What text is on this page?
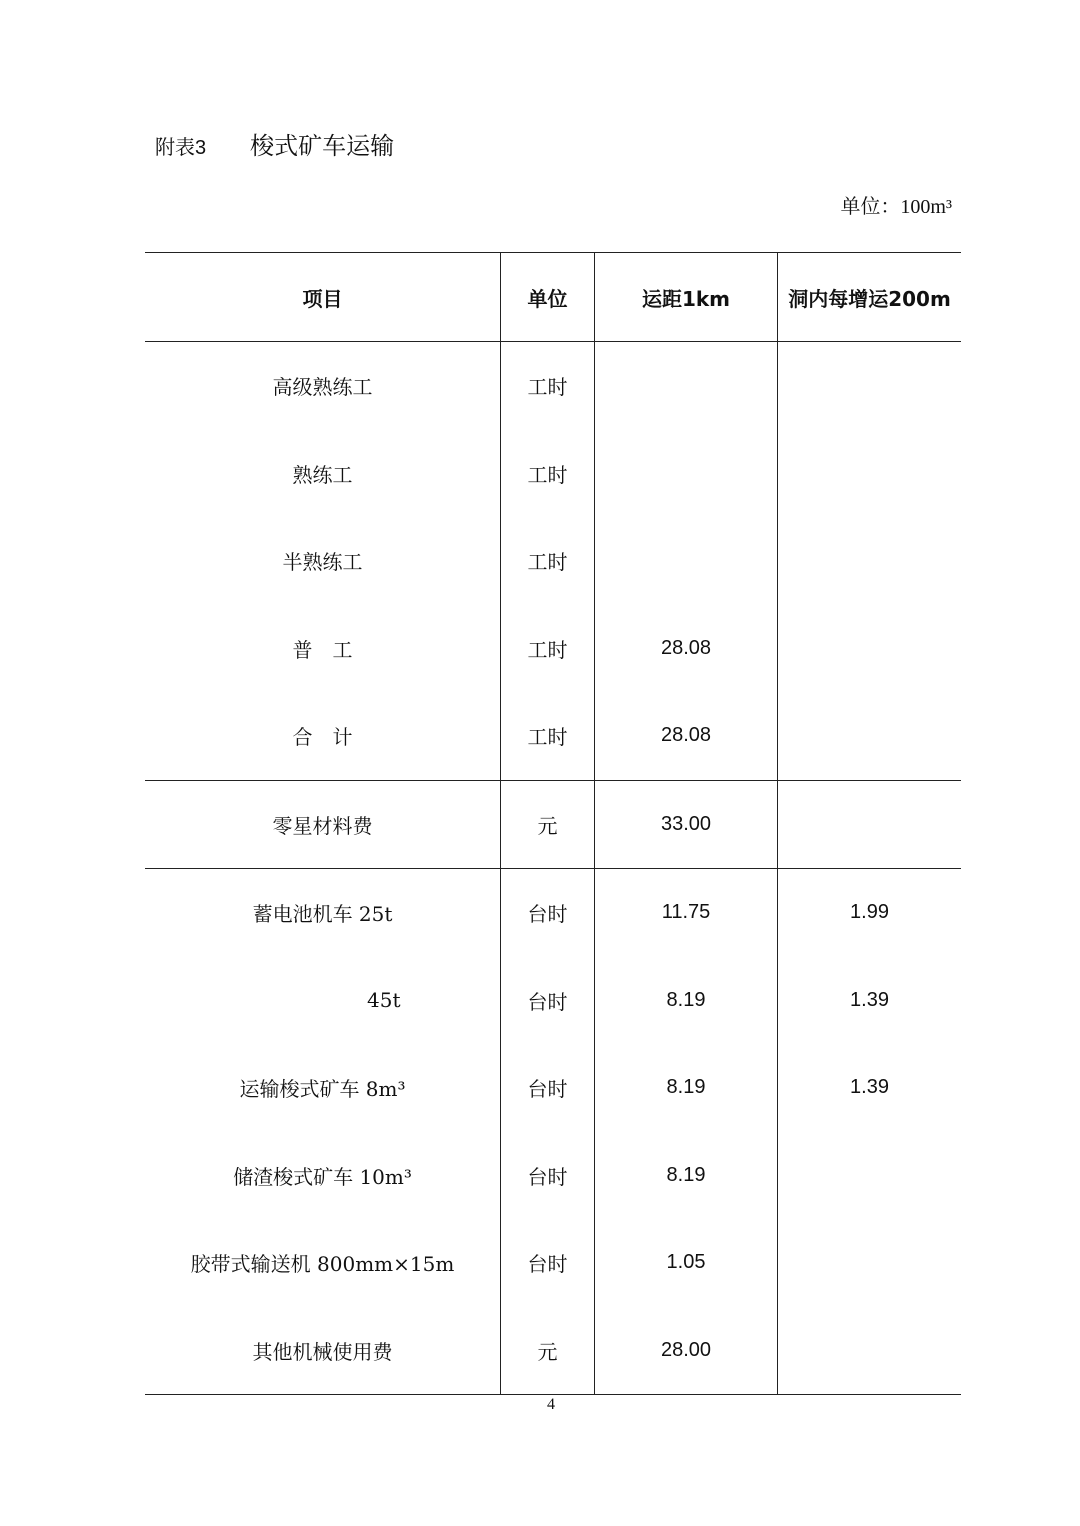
附表3 梭式矿车运输
单位：100m³
项目	单位	运距1km	洞内每增运200m
高级熟练工	工时
熟练工	工时
半熟练工	工时
普　工	工时	28.08
合　计	工时	28.08
零星材料费	元	33.00
蓄电池机车 25t	台时	11.75	1.99
45t	台时	8.19	1.39
运输梭式矿车 8m³	台时	8.19	1.39
储渣梭式矿车 10m³	台时	8.19
胶带式输送机 800mm×15m	台时	1.05
其他机械使用费	元	28.00
4
